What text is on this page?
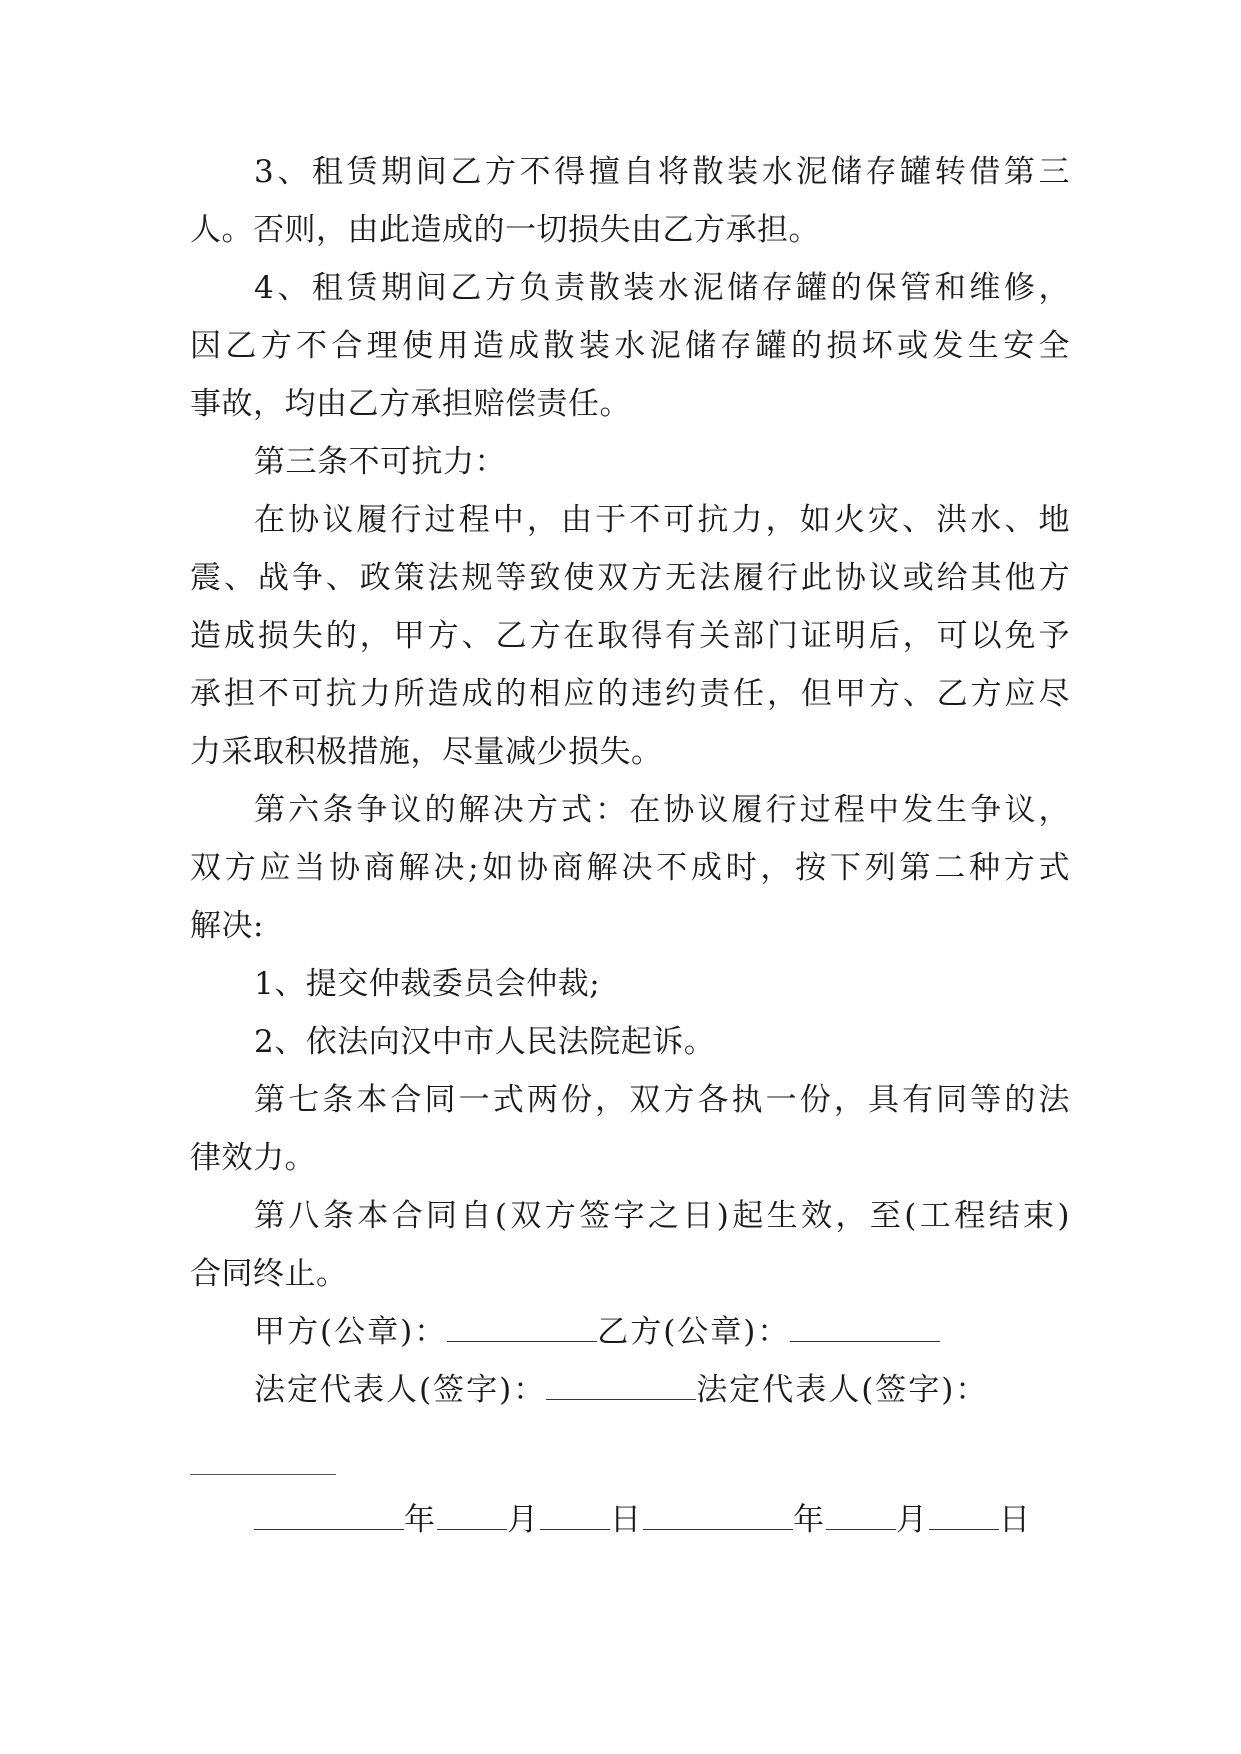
3、租赁期间乙方不得擅自将散装水泥储存罐转借第三
人。否则，由此造成的一切损失由乙方承担。
4、租赁期间乙方负责散装水泥储存罐的保管和维修，
因乙方不合理使用造成散装水泥储存罐的损坏或发生安全
事故，均由乙方承担赔偿责任。
第三条不可抗力：
在协议履行过程中，由于不可抗力，如火灾、洪水、地
震、战争、政策法规等致使双方无法履行此协议或给其他方
造成损失的，甲方、乙方在取得有关部门证明后，可以免予
承担不可抗力所造成的相应的违约责任，但甲方、乙方应尽
力采取积极措施，尽量减少损失。
第六条争议的解决方式：在协议履行过程中发生争议，
双方应当协商解决;如协商解决不成时，按下列第二种方式
解决:
1、提交仲裁委员会仲裁;
2、依法向汉中市人民法院起诉。
第七条本合同一式两份，双方各执一份，具有同等的法
律效力。
第八条本合同自(双方签字之日)起生效，至(工程结束)
合同终止。
甲方(公章)：	乙方(公章)：
法定代表人(签字)：	法定代表人(签字)：
年 月 日	年 月 日
